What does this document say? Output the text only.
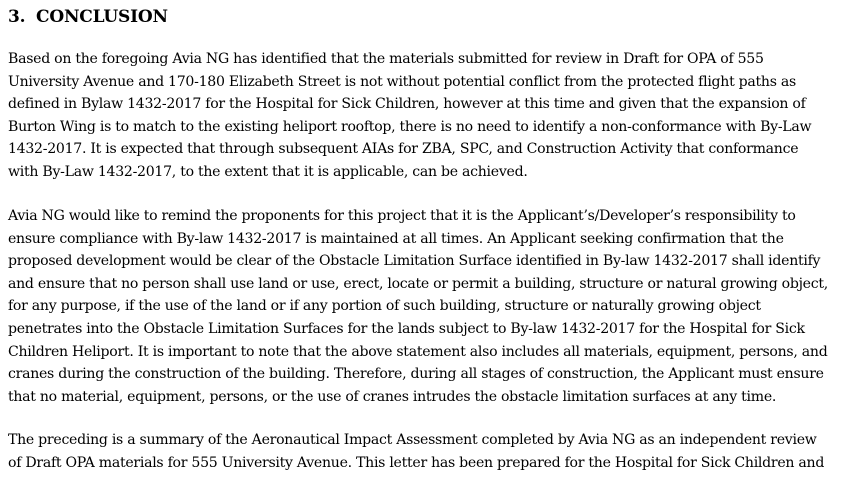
3. CONCLUSION

Based on the foregoing Avia NG has identified that the materials submitted for review in Draft for OPA of 555
University Avenue and 170-180 Elizabeth Street is not without potential conflict from the protected flight paths as
defined in Bylaw 1432-2017 for the Hospital for Sick Children, however at this time and given that the expansion of
Burton Wing is to match to the existing heliport rooftop, there is no need to identify a non-conformance with By-Law
1432-2017. It is expected that through subsequent AIAs for ZBA, SPC, and Construction Activity that conformance
with By-Law 1432-2017, to the extent that it is applicable, can be achieved.

Avia NG would like to remind the proponents for this project that it is the Applicant’s/Developer’s responsibility to
ensure compliance with By-law 1432-2017 is maintained at all times. An Applicant seeking confirmation that the
proposed development would be clear of the Obstacle Limitation Surface identified in By-law 1432-2017 shall identify
and ensure that no person shall use land or use, erect, locate or permit a building, structure or natural growing object,
for any purpose, if the use of the land or if any portion of such building, structure or naturally growing object
penetrates into the Obstacle Limitation Surfaces for the lands subject to By-law 1432-2017 for the Hospital for Sick
Children Heliport. It is important to note that the above statement also includes all materials, equipment, persons, and
cranes during the construction of the building. Therefore, during all stages of construction, the Applicant must ensure
that no material, equipment, persons, or the use of cranes intrudes the obstacle limitation surfaces at any time.

The preceding is a summary of the Aeronautical Impact Assessment completed by Avia NG as an independent review
of Draft OPA materials for 555 University Avenue. This letter has been prepared for the Hospital for Sick Children and
